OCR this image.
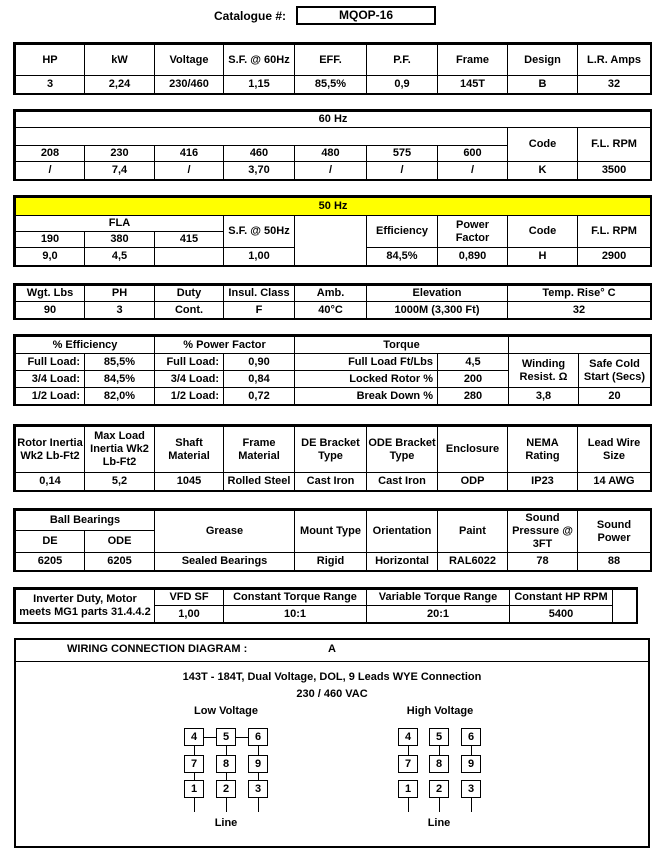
Catalogue #:	MQOP-16
HP	kW	Voltage	S.F. @ 60Hz	EFF.	P.F.	Frame	Design	L.R. Amps
3	2,24	230/460	1,15	85,5%	0,9	145T	B	32
60 Hz								
							Code	F.L. RPM
208	230	416	460	480	575	600		
/	7,4	/	3,70	/	/	/	K	3500
50 Hz								
FLA			S.F. @ 50Hz		Efficiency	Power Factor	Code	F.L. RPM
190	380	415						
9,0	4,5		1,00		84,5%	0,890	H	2900
Wgt. Lbs	PH	Duty	Insul. Class	Amb.	Elevation	Temp. Rise° C
90	3	Cont.	F	40°C	1000M (3,300 Ft)	32
% Efficiency		% Power Factor		Torque			
Full Load:	85,5%	Full Load:	0,90	Full Load Ft/Lbs	4,5	Winding Resist. Ω	Safe Cold Start (Secs)
3/4 Load:	84,5%	3/4 Load:	0,84	Locked Rotor %	200		
1/2 Load:	82,0%	1/2 Load:	0,72	Break Down %	280	3,8	20
Rotor Inertia Wk2 Lb-Ft2	Max Load Inertia Wk2 Lb-Ft2	Shaft Material	Frame Material	DE Bracket Type	ODE Bracket Type	Enclosure	NEMA Rating	Lead Wire Size
0,14	5,2	1045	Rolled Steel	Cast Iron	Cast Iron	ODP	IP23	14 AWG
Ball Bearings		Grease	Mount Type	Orientation	Paint	Sound Pressure @ 3FT	Sound Power
DE	ODE						
6205	6205	Sealed Bearings	Rigid	Horizontal	RAL6022	78	88
Inverter Duty, Motor meets MG1 parts 31.4.4.2	VFD SF	Constant Torque Range	Variable Torque Range	Constant HP RPM	
	1,00	10:1	20:1	5400	
WIRING CONNECTION DIAGRAM :	A
143T - 184T, Dual Voltage, DOL, 9 Leads WYE Connection
230 / 460 VAC
Low Voltage
4	5	6
7	8	9
1	2	3
Line
High Voltage
4	5	6
7	8	9
1	2	3
Line
